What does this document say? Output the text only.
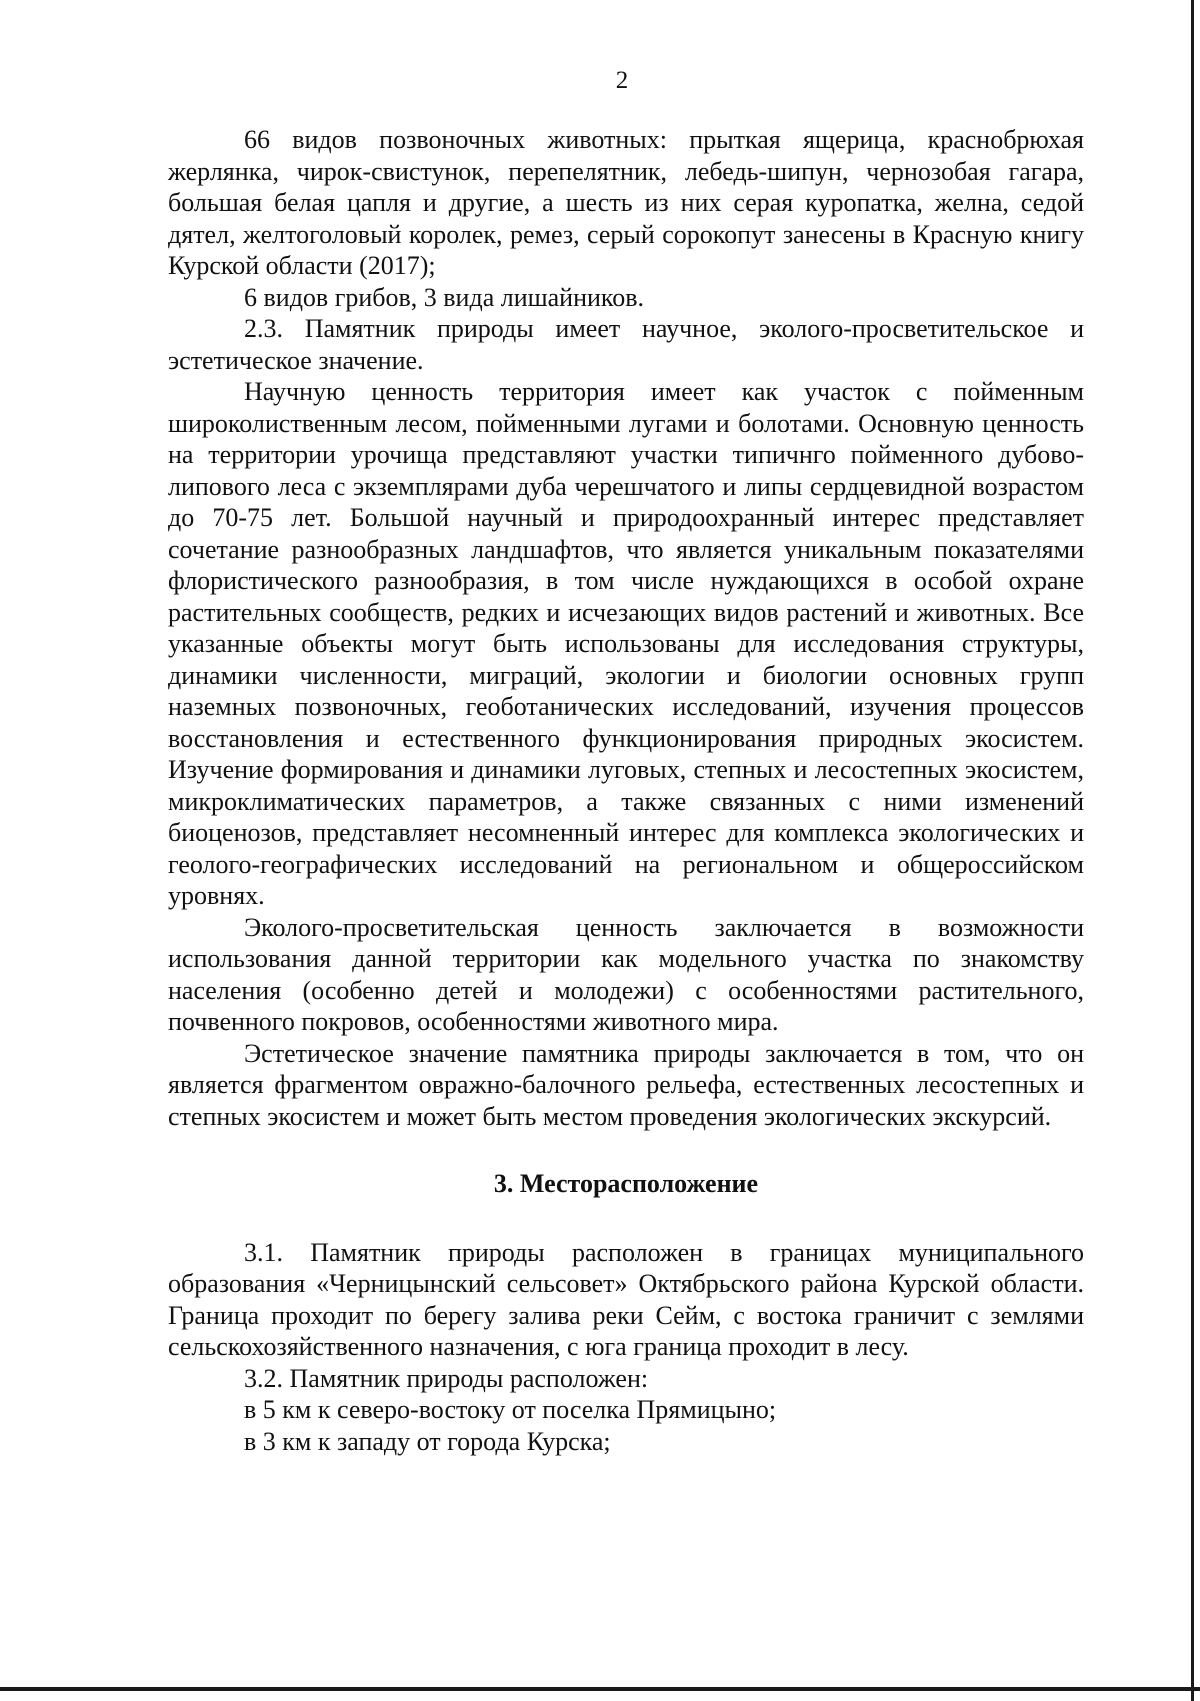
2

66 видов позвоночных животных: прыткая ящерица, краснобрюхая жерлянка, чирок-свистунок, перепелятник, лебедь-шипун, чернозобая гагара, большая белая цапля и другие, а шесть из них серая куропатка, желна, седой дятел, желтоголовый королек, ремез, серый сорокопут занесены в Красную книгу Курской области (2017);

6 видов грибов, 3 вида лишайников.

2.3. Памятник природы имеет научное, эколого-просветительское и эстетическое значение.

Научную ценность территория имеет как участок с пойменным широколиственным лесом, пойменными лугами и болотами. Основную ценность на территории урочища представляют участки типичнго пойменного дубово-липового леса с экземплярами дуба черешчатого и липы сердцевидной возрастом до 70-75 лет. Большой научный и природоохранный интерес представляет сочетание разнообразных ландшафтов, что является уникальным показателями флористического разнообразия, в том числе нуждающихся в особой охране растительных сообществ, редких и исчезающих видов растений и животных. Все указанные объекты могут быть использованы для исследования структуры, динамики численности, миграций, экологии и биологии основных групп наземных позвоночных, геоботанических исследований, изучения процессов восстановления и естественного функционирования природных экосистем. Изучение формирования и динамики луговых, степных и лесостепных экосистем, микроклиматических параметров, а также связанных с ними изменений биоценозов, представляет несомненный интерес для комплекса экологических и геолого-географических исследований на региональном и общероссийском уровнях.

Эколого-просветительская ценность заключается в возможности использования данной территории как модельного участка по знакомству населения (особенно детей и молодежи) с особенностями растительного, почвенного покровов, особенностями животного мира.

Эстетическое значение памятника природы заключается в том, что он является фрагментом овражно-балочного рельефа, естественных лесостепных и степных экосистем и может быть местом проведения экологических экскурсий.

3. Месторасположение

3.1. Памятник природы расположен в границах муниципального образования «Черницынский сельсовет» Октябрьского района Курской области. Граница проходит по берегу залива реки Сейм, с востока граничит с землями сельскохозяйственного назначения, с юга граница проходит в лесу.

3.2. Памятник природы расположен:

в 5 км к северо-востоку от поселка Прямицыно;

в 3 км к западу от города Курска;
